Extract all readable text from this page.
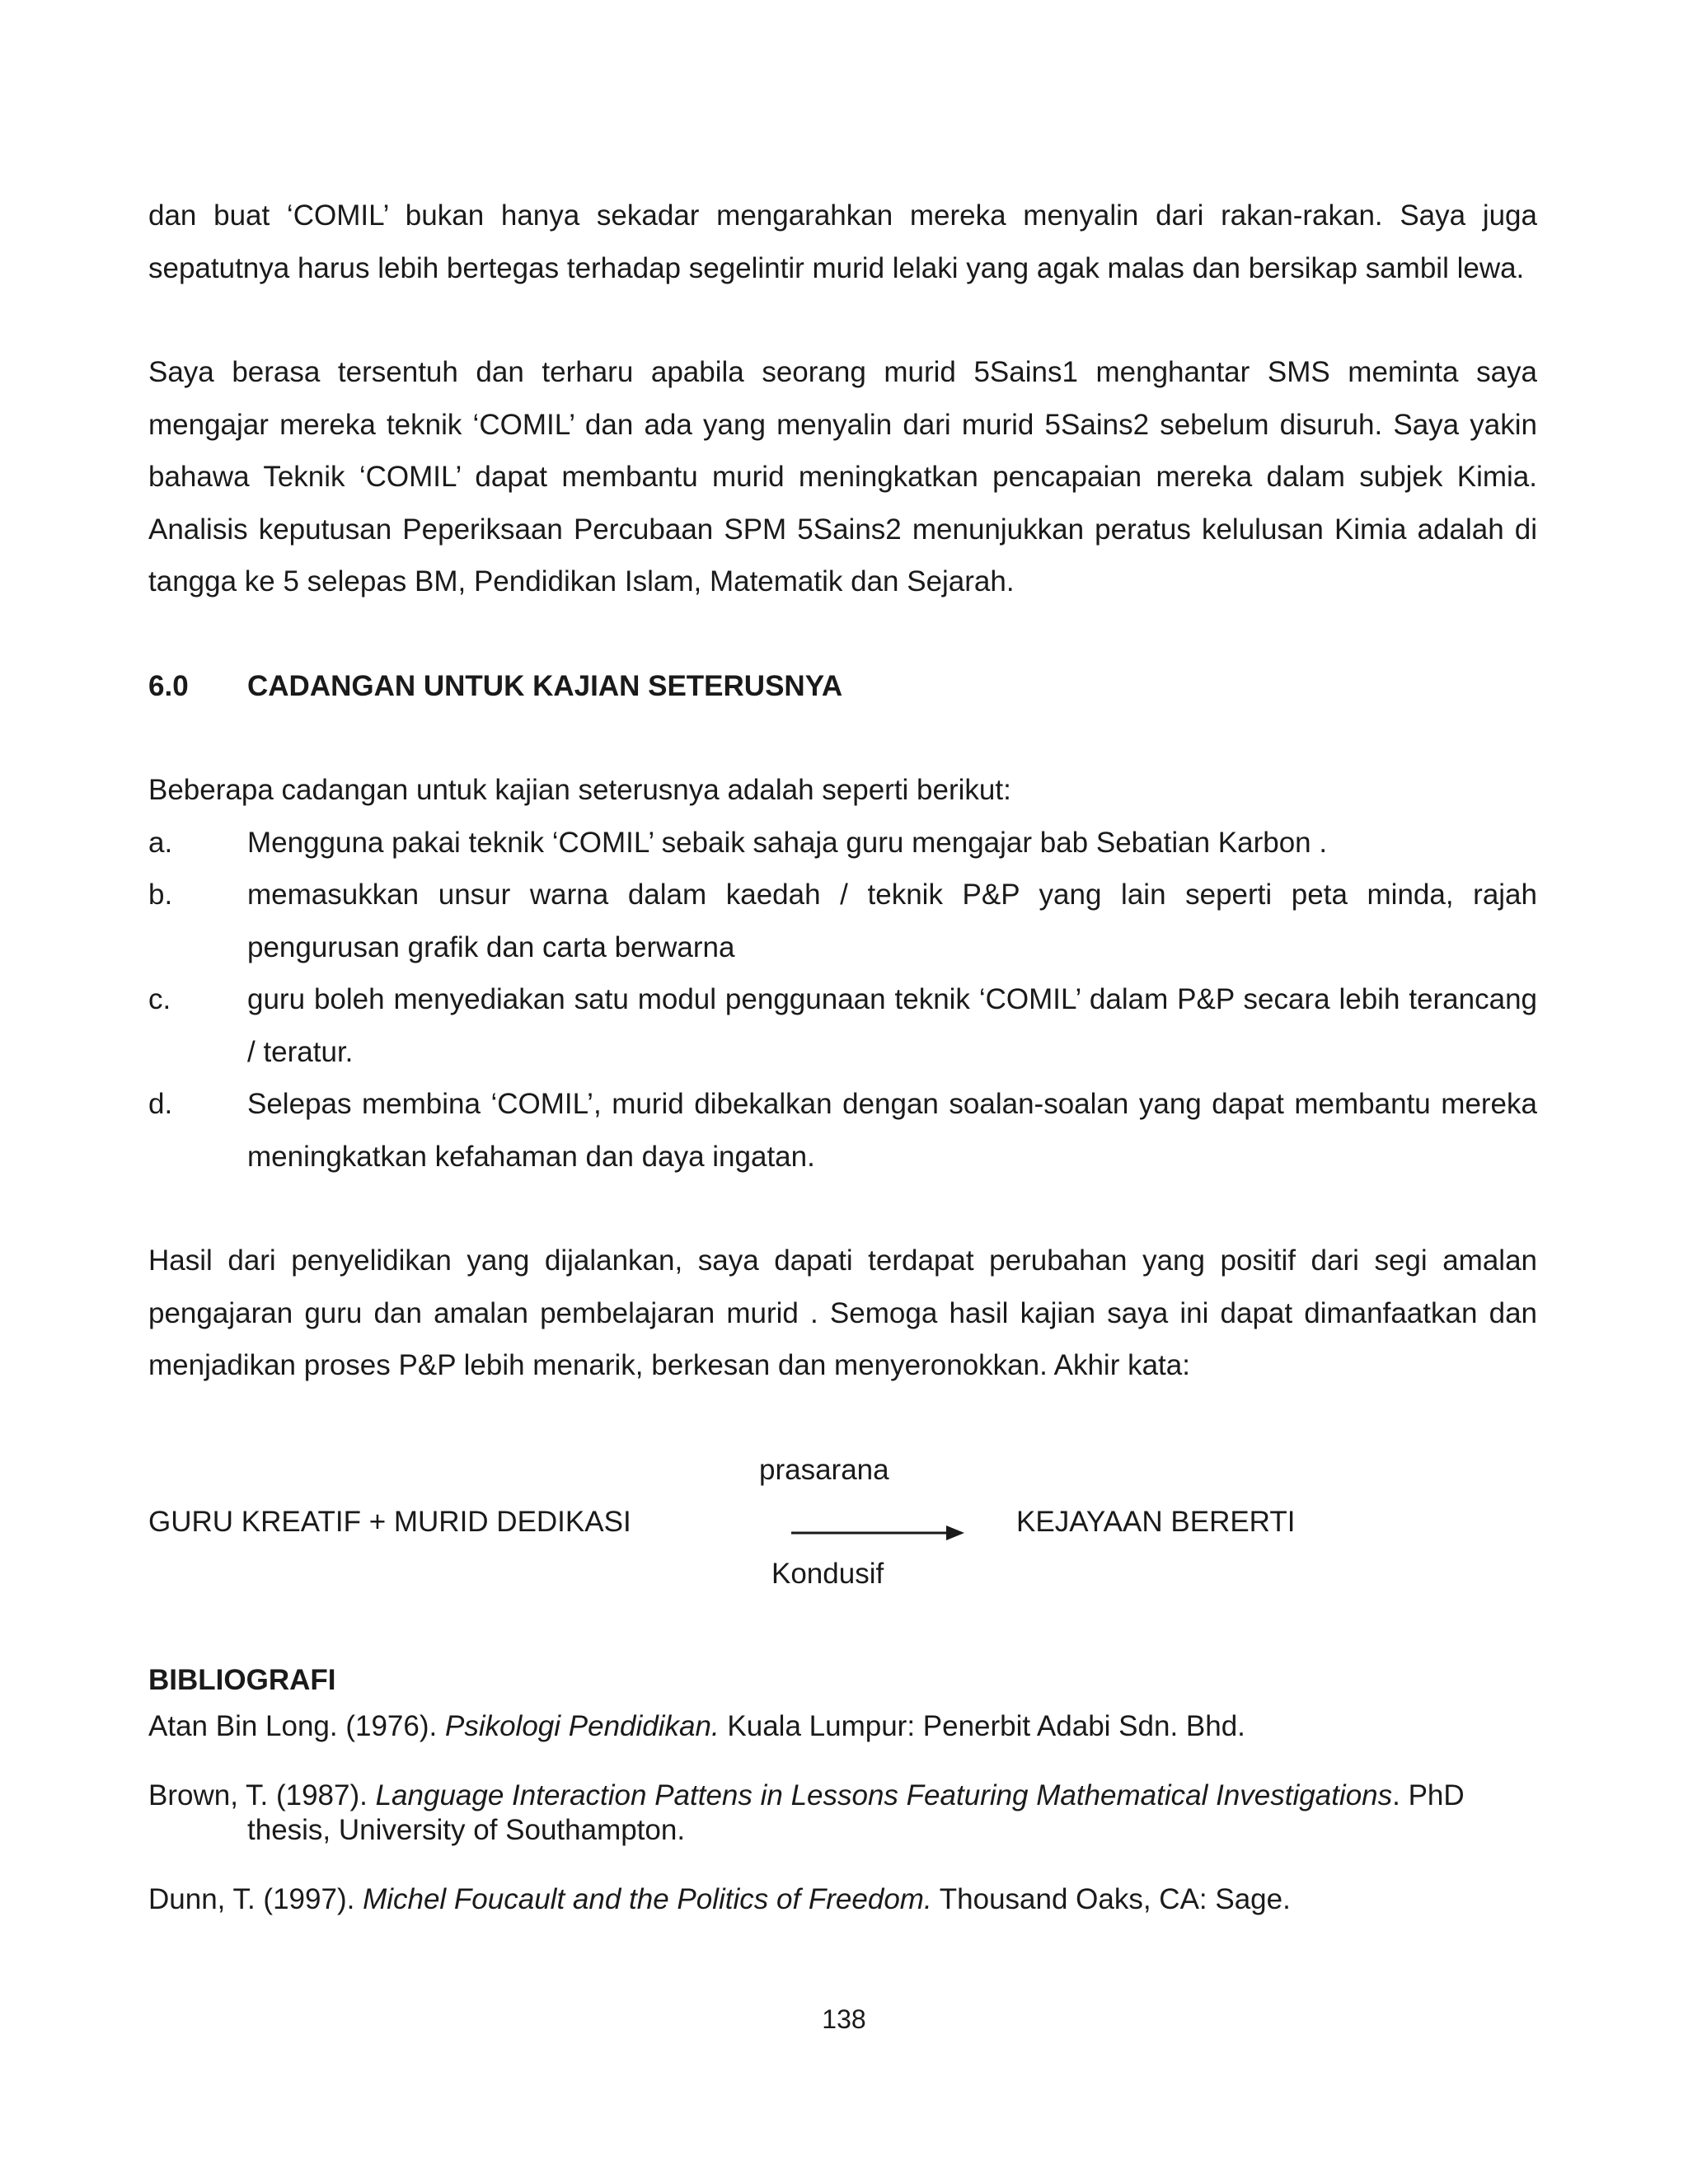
dan buat ‘COMIL’ bukan hanya sekadar mengarahkan mereka menyalin dari rakan-rakan. Saya juga sepatutnya harus lebih bertegas terhadap segelintir murid lelaki yang agak malas dan bersikap sambil lewa.

Saya berasa tersentuh dan terharu apabila seorang murid 5Sains1 menghantar SMS meminta saya mengajar mereka teknik ‘COMIL’ dan ada yang menyalin dari murid 5Sains2 sebelum disuruh. Saya yakin bahawa Teknik ‘COMIL’ dapat membantu murid meningkatkan pencapaian mereka dalam subjek Kimia. Analisis keputusan Peperiksaan Percubaan SPM 5Sains2 menunjukkan peratus kelulusan Kimia adalah di tangga ke 5 selepas BM, Pendidikan Islam, Matematik dan Sejarah.

6.0	CADANGAN UNTUK KAJIAN SETERUSNYA

Beberapa cadangan untuk kajian seterusnya adalah seperti berikut:

a.	Mengguna pakai teknik ‘COMIL’ sebaik sahaja guru mengajar bab Sebatian Karbon .
b.	memasukkan unsur warna dalam kaedah / teknik P&P yang lain seperti peta minda, rajah pengurusan grafik dan carta berwarna
c.	guru boleh menyediakan satu modul penggunaan teknik ‘COMIL’ dalam P&P secara lebih terancang / teratur.
d.	Selepas membina ‘COMIL’, murid dibekalkan dengan soalan-soalan yang dapat membantu mereka meningkatkan kefahaman dan daya ingatan.

Hasil dari penyelidikan yang dijalankan, saya dapati terdapat perubahan yang positif dari segi amalan pengajaran guru dan amalan pembelajaran murid . Semoga hasil kajian saya ini dapat dimanfaatkan dan menjadikan proses P&P lebih menarik, berkesan dan menyeronokkan. Akhir kata:

GURU KREATIF + MURID DEDIKASI
prasarana
Kondusif
KEJAYAAN BERERTI
BIBLIOGRAFI

Atan Bin Long. (1976). Psikologi Pendidikan. Kuala Lumpur: Penerbit Adabi Sdn. Bhd.

Brown, T. (1987). Language Interaction Pattens in Lessons Featuring Mathematical Investigations. PhD thesis, University of Southampton.

Dunn, T. (1997). Michel Foucault and the Politics of Freedom. Thousand Oaks, CA: Sage.

138
